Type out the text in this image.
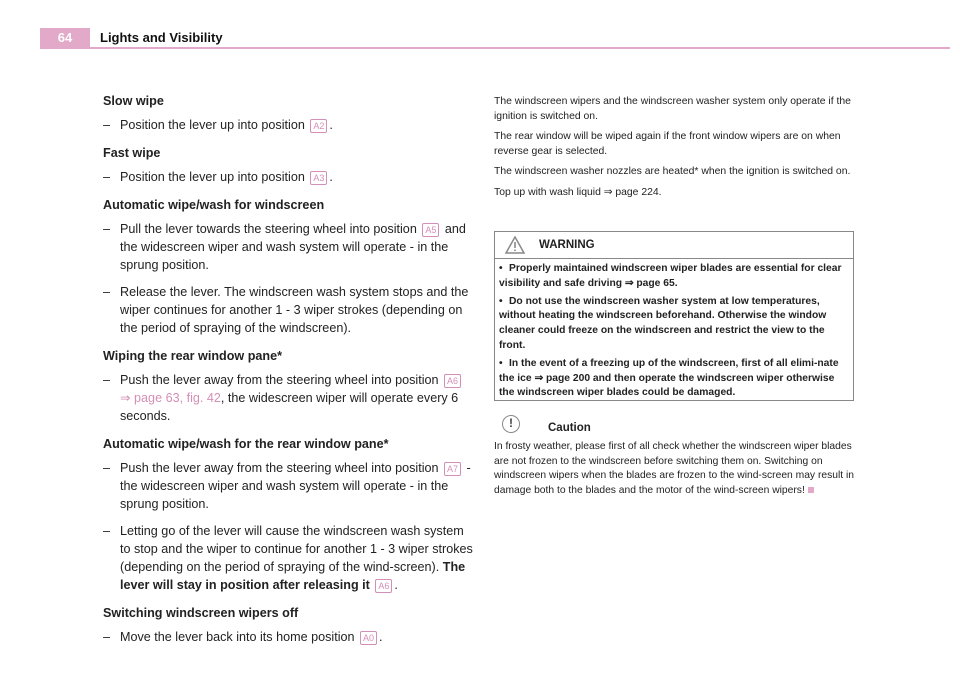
64	Lights and Visibility
Slow wipe
– Position the lever up into position A2 .
Fast wipe
– Position the lever up into position A3 .
Automatic wipe/wash for windscreen
– Pull the lever towards the steering wheel into position A5 and the widescreen wiper and wash system will operate - in the sprung position.
– Release the lever. The windscreen wash system stops and the wiper continues for another 1 - 3 wiper strokes (depending on the period of spraying of the windscreen).
Wiping the rear window pane*
– Push the lever away from the steering wheel into position A6 ⇒ page 63, fig. 42, the widescreen wiper will operate every 6 seconds.
Automatic wipe/wash for the rear window pane*
– Push the lever away from the steering wheel into position A7 - the widescreen wiper and wash system will operate - in the sprung position.
– Letting go of the lever will cause the windscreen wash system to stop and the wiper to continue for another 1 - 3 wiper strokes (depending on the period of spraying of the wind-screen). The lever will stay in position after releasing it A6 .
Switching windscreen wipers off
– Move the lever back into its home position A0 .

The windscreen wipers and the windscreen washer system only operate if the ignition is switched on.

The rear window will be wiped again if the front window wipers are on when reverse gear is selected.

The windscreen washer nozzles are heated* when the ignition is switched on.

Top up with wash liquid ⇒ page 224.

WARNING
• Properly maintained windscreen wiper blades are essential for clear visibility and safe driving ⇒ page 65.
• Do not use the windscreen washer system at low temperatures, without heating the windscreen beforehand. Otherwise the window cleaner could freeze on the windscreen and restrict the view to the front.
• In the event of a freezing up of the windscreen, first of all elimi-nate the ice ⇒ page 200 and then operate the windscreen wiper otherwise the windscreen wiper blades could be damaged.
!	Caution
In frosty weather, please first of all check whether the windscreen wiper blades are not frozen to the windscreen before switching them on. Switching on windscreen wipers when the blades are frozen to the wind-screen may result in damage both to the blades and the motor of the wind-screen wipers!
